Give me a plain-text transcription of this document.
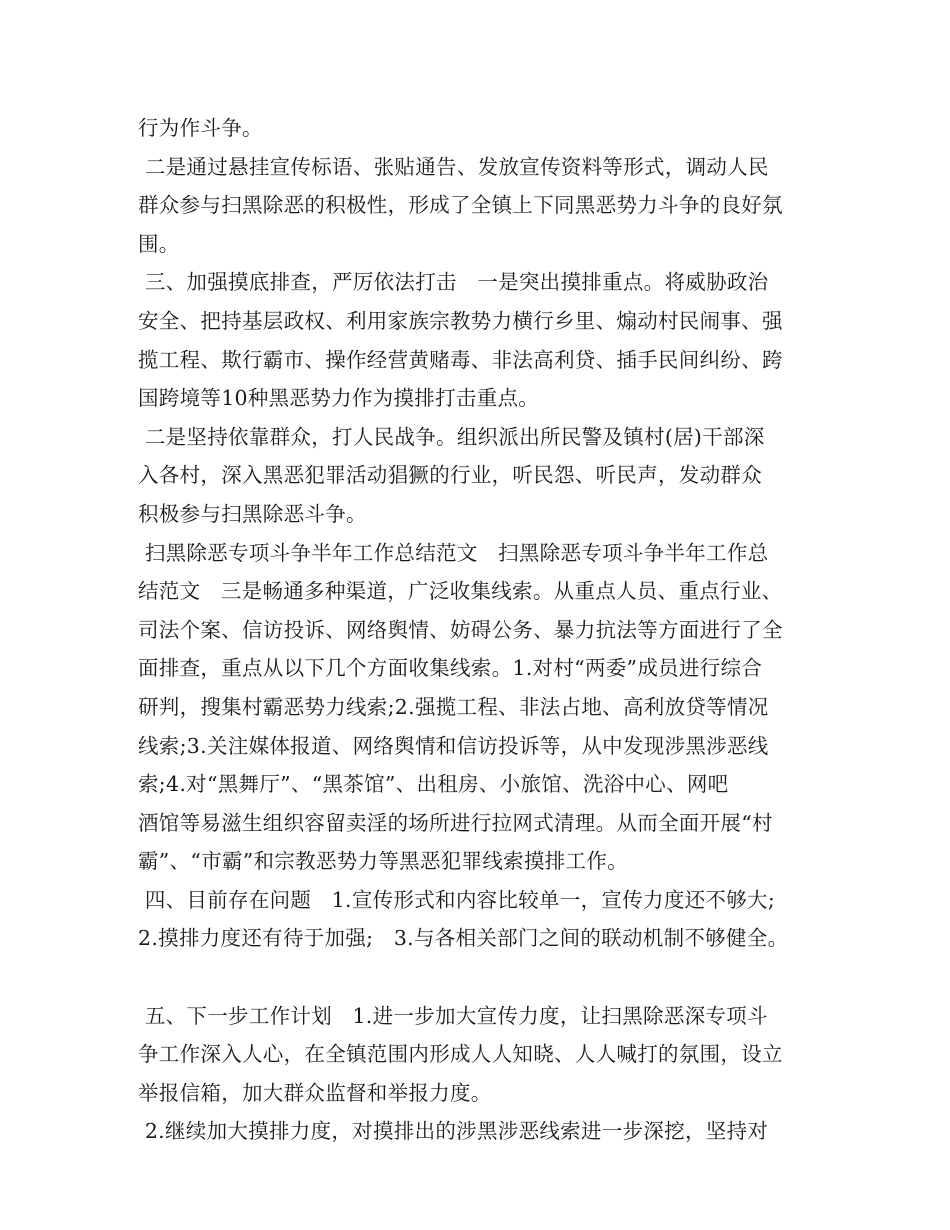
行为作斗争。
二是通过悬挂宣传标语、张贴通告、发放宣传资料等形式，调动人民
群众参与扫黑除恶的积极性，形成了全镇上下同黑恶势力斗争的良好氛
围。
三、加强摸底排查，严厉依法打击   一是突出摸排重点。将威胁政治
安全、把持基层政权、利用家族宗教势力横行乡里、煽动村民闹事、强
揽工程、欺行霸市、操作经营黄赌毒、非法高利贷、插手民间纠纷、跨
国跨境等10种黑恶势力作为摸排打击重点。
二是坚持依靠群众，打人民战争。组织派出所民警及镇村(居)干部深
入各村，深入黑恶犯罪活动猖獗的行业，听民怨、听民声，发动群众
积极参与扫黑除恶斗争。
扫黑除恶专项斗争半年工作总结范文   扫黑除恶专项斗争半年工作总
结范文   三是畅通多种渠道，广泛收集线索。从重点人员、重点行业、
司法个案、信访投诉、网络舆情、妨碍公务、暴力抗法等方面进行了全
面排查，重点从以下几个方面收集线索。1.对村“两委”成员进行综合
研判，搜集村霸恶势力线索;2.强揽工程、非法占地、高利放贷等情况
线索;3.关注媒体报道、网络舆情和信访投诉等，从中发现涉黑涉恶线
索;4.对“黑舞厅”、“黑茶馆”、出租房、小旅馆、洗浴中心、网吧
酒馆等易滋生组织容留卖淫的场所进行拉网式清理。从而全面开展“村
霸”、“市霸”和宗教恶势力等黑恶犯罪线索摸排工作。
四、目前存在问题   1.宣传形式和内容比较单一，宣传力度还不够大;
2.摸排力度还有待于加强;   3.与各相关部门之间的联动机制不够健全。
五、下一步工作计划   1.进一步加大宣传力度，让扫黑除恶深专项斗
争工作深入人心，在全镇范围内形成人人知晓、人人喊打的氛围，设立
举报信箱，加大群众监督和举报力度。
2.继续加大摸排力度，对摸排出的涉黑涉恶线索进一步深挖，坚持对
